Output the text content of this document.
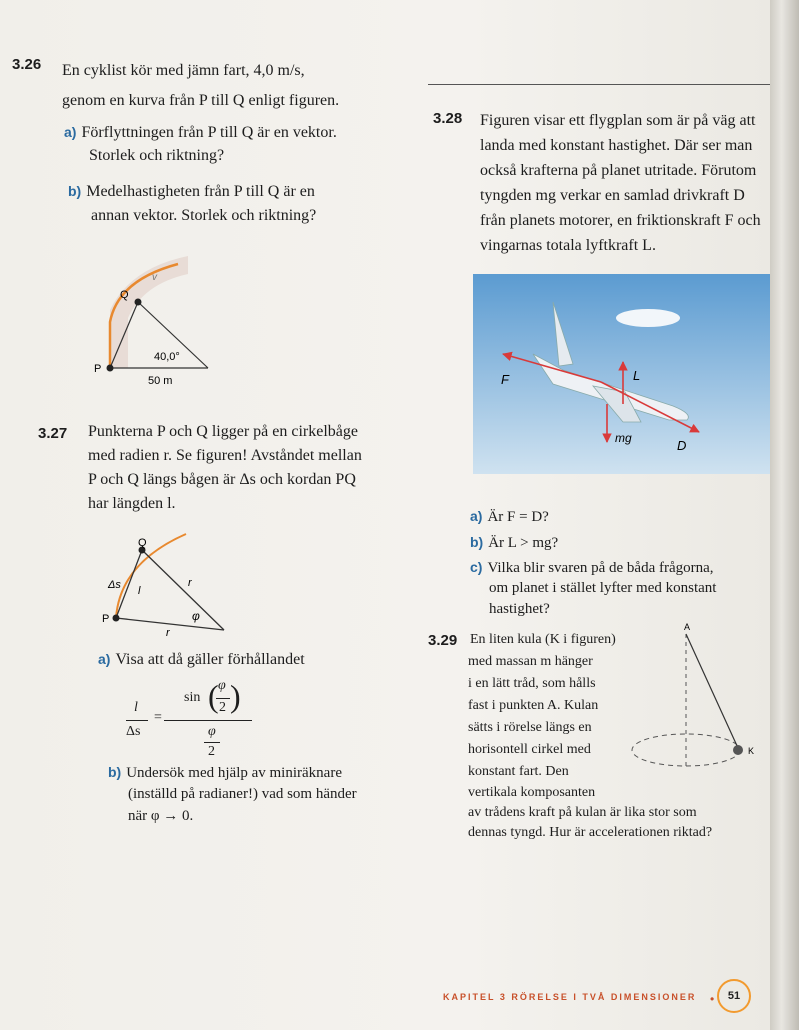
3.26 En cyklist kör med jämn fart, 4,0 m/s,
genom en kurva från P till Q enligt figuren.
a) Förflyttningen från P till Q är en vektor.
Storlek och riktning?
b) Medelhastigheten från P till Q är en
annan vektor. Storlek och riktning?
Q
P
40,0°
50 m
v
3.27 Punkterna P och Q ligger på en cirkelbåge
med radien r. Se figuren! Avståndet mellan
P och Q längs bågen är Δs och kordan PQ
har längden l.
Q
P
Δs l
r
r
φ
a) Visa att då gäller förhållandet
l
Δs
=
sin ( φ
2 )
φ
2
b) Undersök med hjälp av miniräknare
(inställd på radianer!) vad som händer
när φ → 0.
3.28 Figuren visar ett flygplan som är på väg att
landa med konstant hastighet. Där ser man
också krafterna på planet utritade. Förutom
tyngden mg verkar en samlad drivkraft D
från planets motorer, en friktionskraft F och
vingarnas totala lyftkraft L.
F	L
mg	D
a) Är F = D?
b) Är L > mg?
c) Vilka blir svaren på de båda frågorna,
om planet i stället lyfter med konstant
hastighet?
3.29 En liten kula (K i figuren)
med massan m hänger
i en lätt tråd, som hålls
fast i punkten A. Kulan
sätts i rörelse längs en
horisontell cirkel med
konstant fart. Den
vertikala komposanten
av trådens kraft på kulan är lika stor som
dennas tyngd. Hur är accelerationen riktad?
A
K
KAPITEL 3 RÖRELSE I TVÅ DIMENSIONER •	51
